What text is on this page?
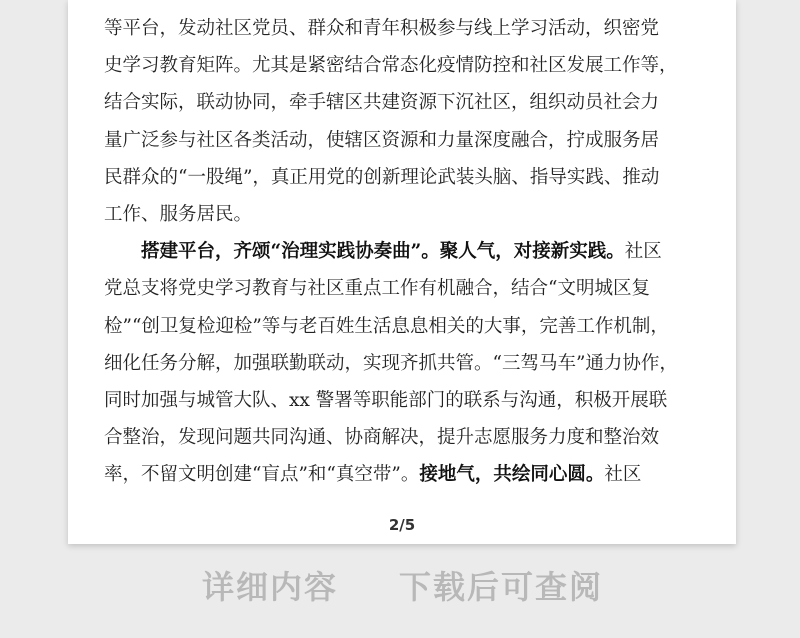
等平台，发动社区党员、群众和青年积极参与线上学习活动，织密党
史学习教育矩阵。尤其是紧密结合常态化疫情防控和社区发展工作等，
结合实际，联动协同，牵手辖区共建资源下沉社区，组织动员社会力
量广泛参与社区各类活动，使辖区资源和力量深度融合，拧成服务居
民群众的“一股绳”，真正用党的创新理论武装头脑、指导实践、推动
工作、服务居民。
搭建平台，齐颂“治理实践协奏曲”。聚人气，对接新实践。社区
党总支将党史学习教育与社区重点工作有机融合，结合“文明城区复
检”“创卫复检迎检”等与老百姓生活息息相关的大事，完善工作机制，
细化任务分解，加强联勤联动，实现齐抓共管。“三驾马车”通力协作，
同时加强与城管大队、xx 警署等职能部门的联系与沟通，积极开展联
合整治，发现问题共同沟通、协商解决，提升志愿服务力度和整治效
率，不留文明创建“盲点”和“真空带”。接地气，共绘同心圆。社区
2/5
详细内容 下载后可查阅
